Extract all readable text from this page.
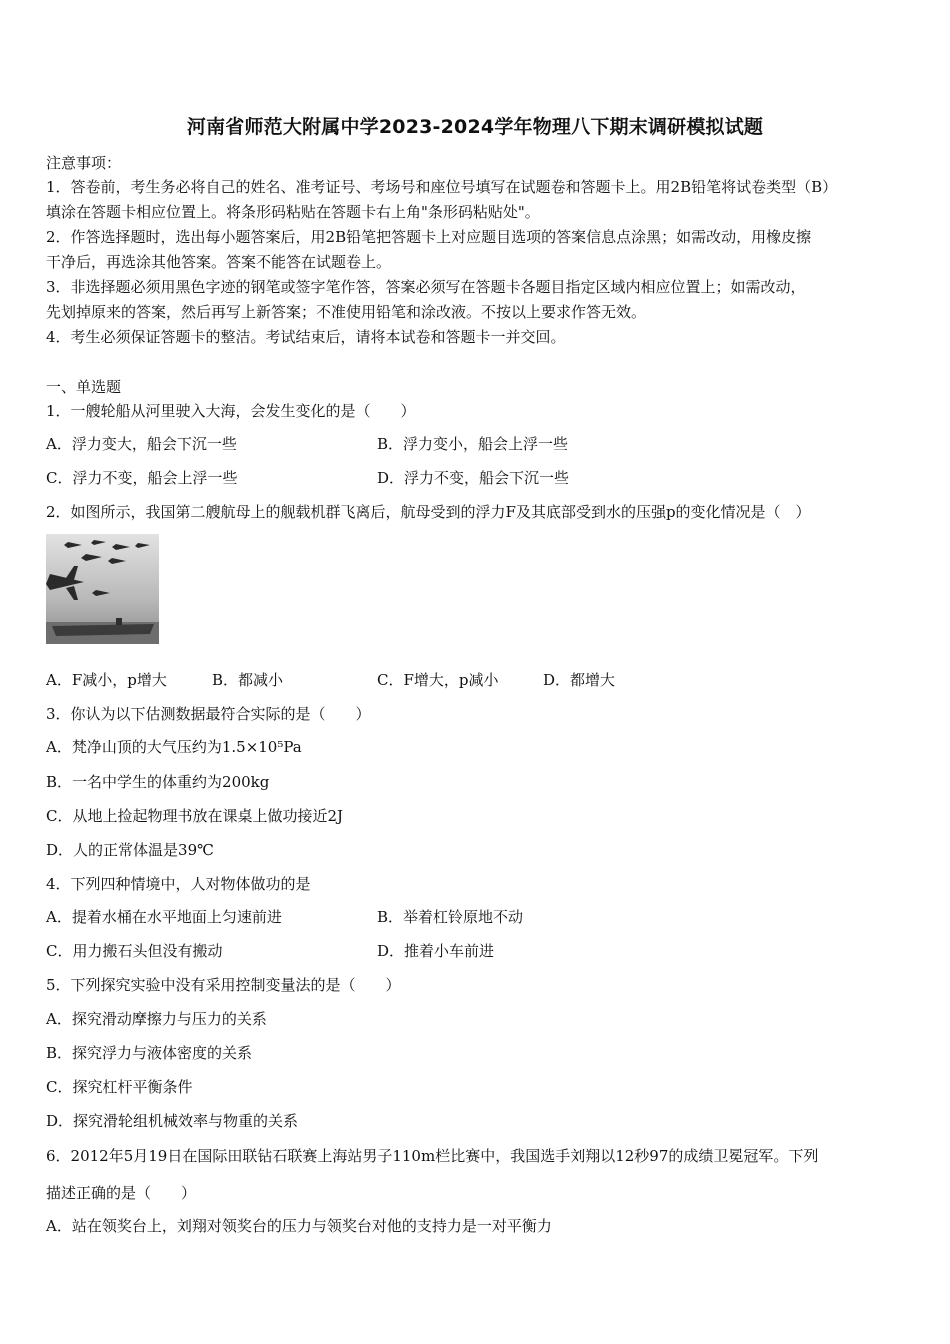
河南省师范大附属中学2023-2024学年物理八下期末调研模拟试题
注意事项：
1．答卷前，考生务必将自己的姓名、准考证号、考场号和座位号填写在试题卷和答题卡上。用2B铅笔将试卷类型（B）
填涂在答题卡相应位置上。将条形码粘贴在答题卡右上角"条形码粘贴处"。
2．作答选择题时，选出每小题答案后，用2B铅笔把答题卡上对应题目选项的答案信息点涂黑；如需改动，用橡皮擦
干净后，再选涂其他答案。答案不能答在试题卷上。
3．非选择题必须用黑色字迹的钢笔或签字笔作答，答案必须写在答题卡各题目指定区域内相应位置上；如需改动，
先划掉原来的答案，然后再写上新答案；不准使用铅笔和涂改液。不按以上要求作答无效。
4．考生必须保证答题卡的整洁。考试结束后，请将本试卷和答题卡一并交回。
一、单选题
1．一艘轮船从河里驶入大海，会发生变化的是（　　）
A．浮力变大，船会下沉一些	B．浮力变小，船会上浮一些
C．浮力不变，船会上浮一些	D．浮力不变，船会下沉一些
2．如图所示，我国第二艘航母上的舰载机群飞离后，航母受到的浮力F及其底部受到水的压强p的变化情况是（　）
A．F减小，p增大	B．都减小	C．F增大，p减小	D．都增大
3．你认为以下估测数据最符合实际的是（　　）
A．梵净山顶的大气压约为1.5×10⁵Pa
B．一名中学生的体重约为200kg
C．从地上捡起物理书放在课桌上做功接近2J
D．人的正常体温是39℃
4．下列四种情境中，人对物体做功的是
A．提着水桶在水平地面上匀速前进	B．举着杠铃原地不动
C．用力搬石头但没有搬动	D．推着小车前进
5．下列探究实验中没有采用控制变量法的是（　　）
A．探究滑动摩擦力与压力的关系
B．探究浮力与液体密度的关系
C．探究杠杆平衡条件
D．探究滑轮组机械效率与物重的关系
6．2012年5月19日在国际田联钻石联赛上海站男子110m栏比赛中，我国选手刘翔以12秒97的成绩卫冕冠军。下列
描述正确的是（　　）
A．站在领奖台上，刘翔对领奖台的压力与领奖台对他的支持力是一对平衡力
